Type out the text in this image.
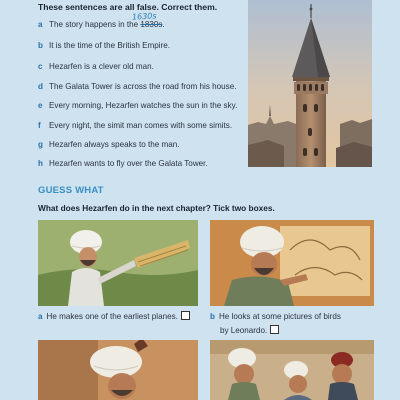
These sentences are all false. Correct them.
a The story happens in the 1830s.
1630s
b It is the time of the British Empire.
c Hezarfen is a clever old man.
d The Galata Tower is across the road from his house.
e Every morning, Hezarfen watches the sun in the sky.
f Every night, the simit man comes with some simits.
g Hezarfen always speaks to the man.
h Hezarfen wants to fly over the Galata Tower.
GUESS WHAT
What does Hezarfen do in the next chapter? Tick two boxes.
a He makes one of the earliest planes.	b He looks at some pictures of birds
by Leonardo.
